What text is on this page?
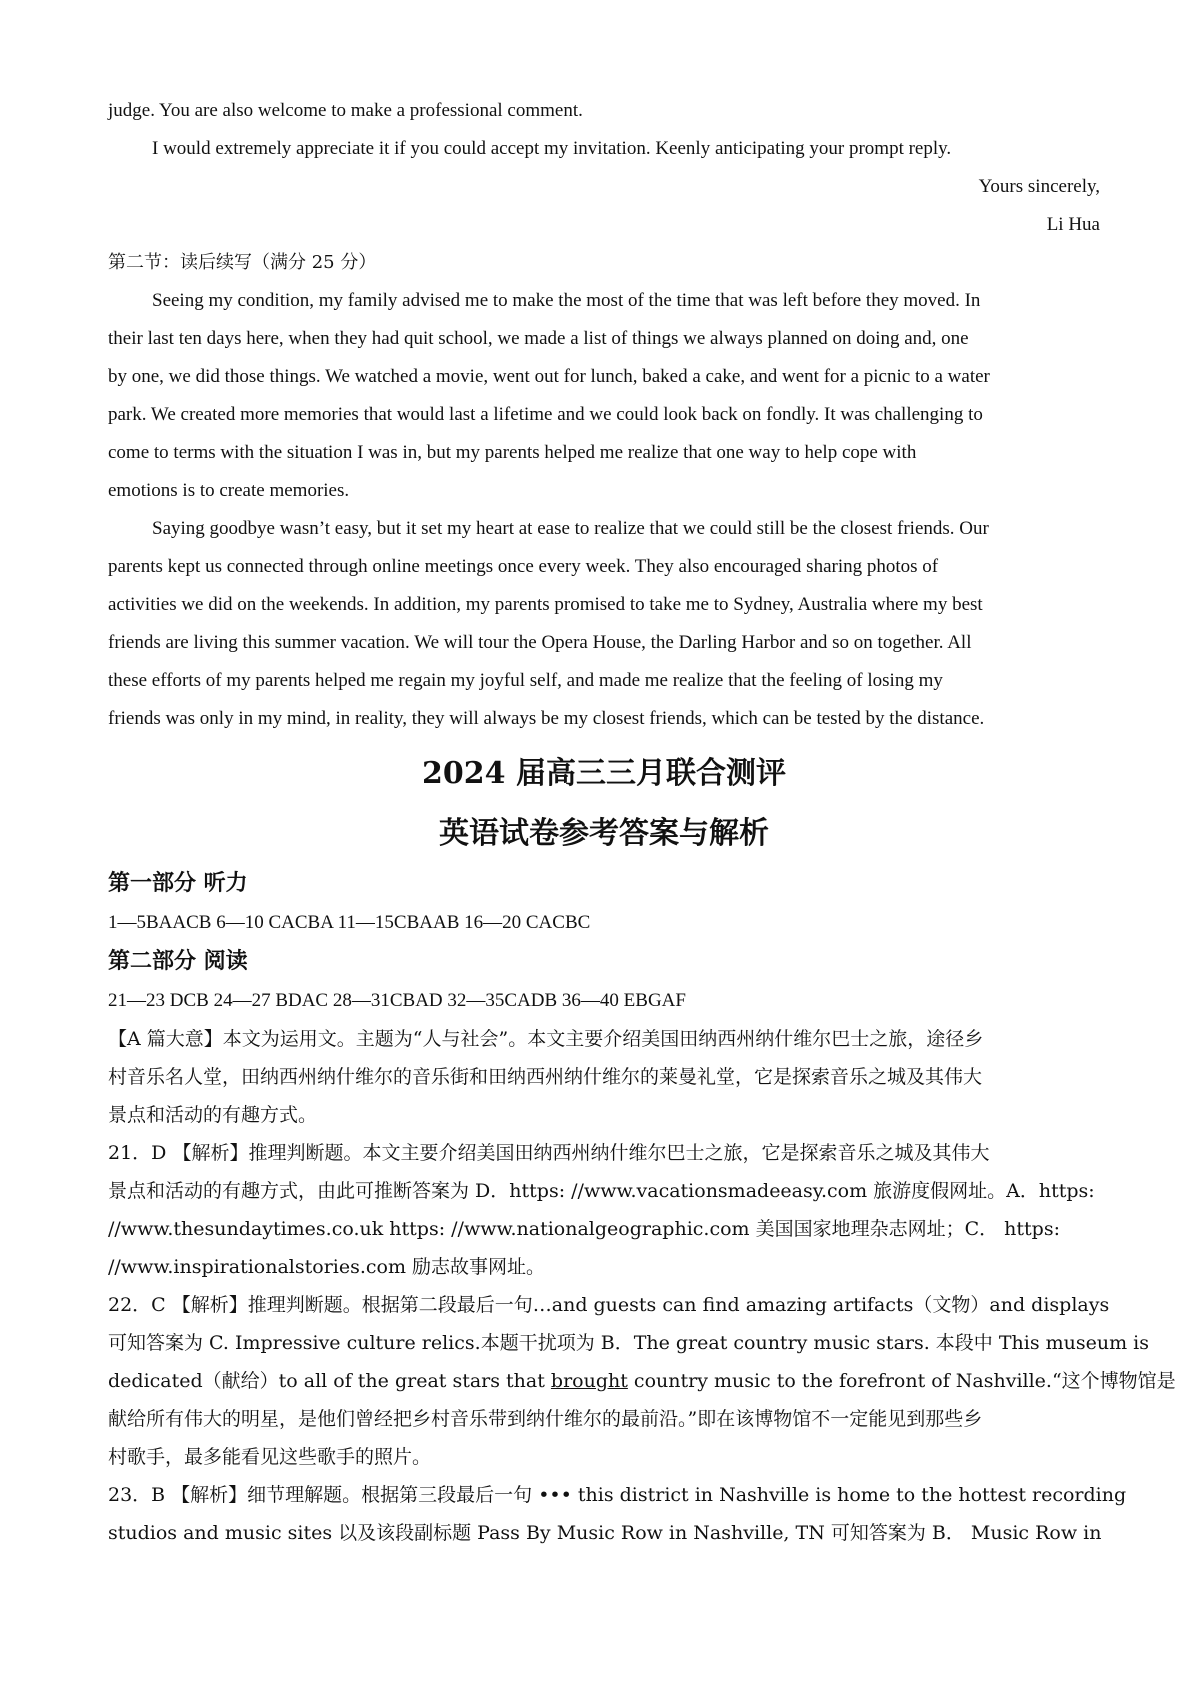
judge. You are also welcome to make a professional comment.
I would extremely appreciate it if you could accept my invitation. Keenly anticipating your prompt reply.
Yours sincerely,
Li Hua
第二节：读后续写（满分 25 分）
Seeing my condition, my family advised me to make the most of the time that was left before they moved. In
their last ten days here, when they had quit school, we made a list of things we always planned on doing and, one
by one, we did those things. We watched a movie, went out for lunch, baked a cake, and went for a picnic to a water
park. We created more memories that would last a lifetime and we could look back on fondly. It was challenging to
come to terms with the situation I was in, but my parents helped me realize that one way to help cope with
emotions is to create memories.
Saying goodbye wasn’t easy, but it set my heart at ease to realize that we could still be the closest friends. Our
parents kept us connected through online meetings once every week. They also encouraged sharing photos of
activities we did on the weekends. In addition, my parents promised to take me to Sydney, Australia where my best
friends are living this summer vacation. We will tour the Opera House, the Darling Harbor and so on together. All
these efforts of my parents helped me regain my joyful self, and made me realize that the feeling of losing my
friends was only in my mind, in reality, they will always be my closest friends, which can be tested by the distance.
2024 届高三三月联合测评
英语试卷参考答案与解析
第一部分 听力
1—5BAACB 6—10 CACBA 11—15CBAAB 16—20 CACBC
第二部分 阅读
21—23 DCB 24—27 BDAC 28—31CBAD 32—35CADB 36—40 EBGAF
【A 篇大意】本文为运用文。主题为“人与社会”。本文主要介绍美国田纳西州纳什维尔巴士之旅，途径乡
村音乐名人堂，田纳西州纳什维尔的音乐街和田纳西州纳什维尔的莱曼礼堂，它是探索音乐之城及其伟大
景点和活动的有趣方式。
21．D 【解析】推理判断题。本文主要介绍美国田纳西州纳什维尔巴士之旅，它是探索音乐之城及其伟大
景点和活动的有趣方式，由此可推断答案为 D．https: //www.vacationsmadeeasy.com 旅游度假网址。A．https:
//www.thesundaytimes.co.uk https: //www.nationalgeographic.com 美国国家地理杂志网址；C． https:
//www.inspirationalstories.com 励志故事网址。
22．C 【解析】推理判断题。根据第二段最后一句…and guests can find amazing artifacts（文物）and displays
可知答案为 C. Impressive culture relics.本题干扰项为 B．The great country music stars. 本段中 This museum is
dedicated（献给）to all of the great stars that brought country music to the forefront of Nashville.“这个博物馆是
献给所有伟大的明星，是他们曾经把乡村音乐带到纳什维尔的最前沿。”即在该博物馆不一定能见到那些乡
村歌手，最多能看见这些歌手的照片。
23．B 【解析】细节理解题。根据第三段最后一句 ••• this district in Nashville is home to the hottest recording
studios and music sites 以及该段副标题 Pass By Music Row in Nashville, TN 可知答案为 B． Music Row in
